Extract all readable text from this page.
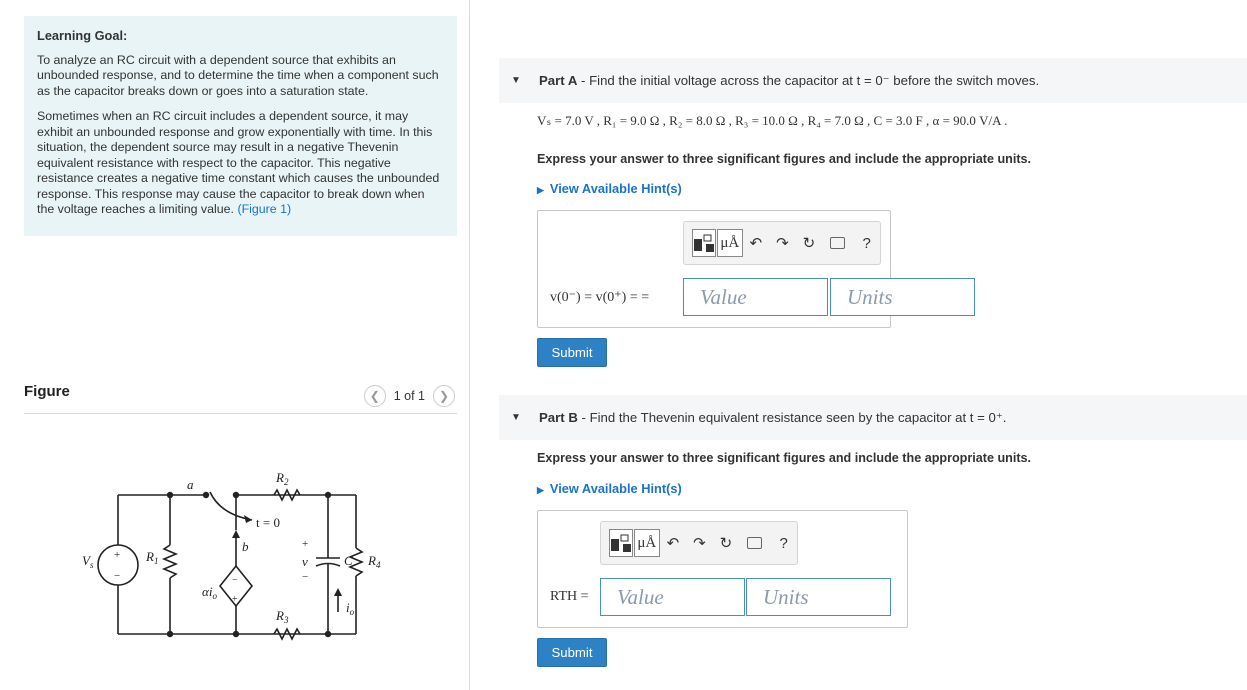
Learning Goal:

To analyze an RC circuit with a dependent source that exhibits an unbounded response, and to determine the time when a component such as the capacitor breaks down or goes into a saturation state.

Sometimes when an RC circuit includes a dependent source, it may exhibit an unbounded response and grow exponentially with time. In this situation, the dependent source may result in a negative Thevenin equivalent resistance with respect to the capacitor. This negative resistance creates a negative time constant which causes the unbounded response. This response may cause the capacitor to break down when the voltage reaches a limiting value. (Figure 1)

Figure	❮	1 of 1	❯
$V_s$
+
−
$R_1$
a
t = 0
b
$\alpha i_o$
−
+
$R_2$
$R_3$
+
v
−
C
$i_o$
$R_4$
▼ Part A - Find the initial voltage across the capacitor at t = 0⁻ before the switch moves.
Vₛ = 7.0 V , R₁ = 9.0 Ω , R₂ = 8.0 Ω , R₃ = 10.0 Ω , R₄ = 7.0 Ω , C = 3.0 F , α = 90.0 V/A .
Express your answer to three significant figures and include the appropriate units.
▶ View Available Hint(s)
μÅ ↶ ↷ ↻	?
v(0⁻) = v(0⁺) = =	Value	Units
Submit
▼ Part B - Find the Thevenin equivalent resistance seen by the capacitor at t = 0⁺.
Express your answer to three significant figures and include the appropriate units.
▶ View Available Hint(s)
μÅ ↶ ↷ ↻	?
RTH =	Value	Units
Submit
